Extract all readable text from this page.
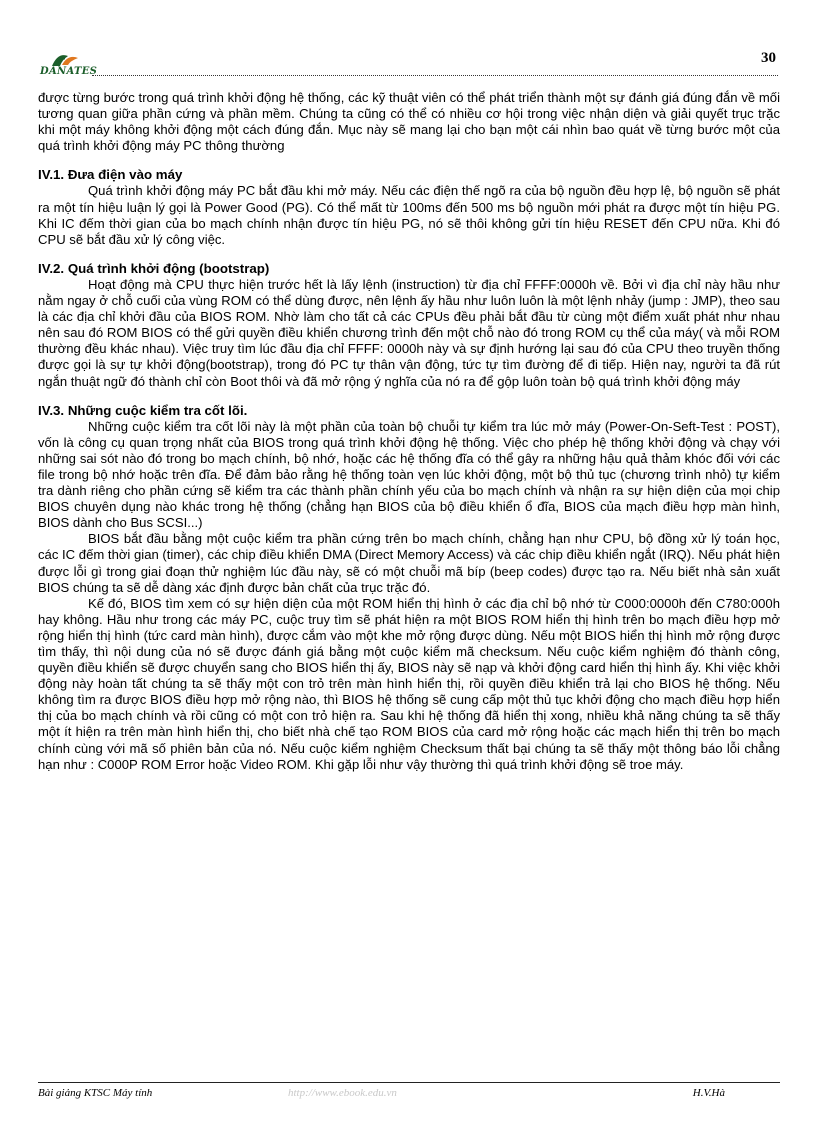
DANATES
30

được từng bước trong quá trình khởi động hệ thống, các kỹ thuật viên có thể phát triển thành một sự đánh giá đúng đắn về mối tương quan giữa phần cứng và phần mềm. Chúng ta cũng có thể có nhiều cơ hội trong việc nhận diện và giải quyết trục trặc khi một máy không khởi động một cách đúng đắn. Mục này sẽ mang lại cho bạn một cái nhìn bao quát về từng bước một của quá trình khởi động máy PC thông thường

IV.1. Đưa điện vào máy

Quá trình khởi động máy PC bắt đầu khi mở máy. Nếu các điện thế ngõ ra của bộ nguồn đều hợp lệ, bộ nguồn sẽ phát ra một tín hiệu luận lý gọi là Power Good (PG). Có thể mất từ 100ms đến 500 ms bộ nguồn mới phát ra được một tín hiệu PG. Khi IC đếm thời gian của bo mạch chính nhận được tín hiệu PG, nó sẽ thôi không gửi tín hiệu RESET đến CPU nữa. Khi đó CPU sẽ bắt đầu xử lý công việc.

IV.2. Quá trình khởi động (bootstrap)

Hoạt động mà CPU thực hiện trước hết là lấy lệnh (instruction) từ địa chỉ FFFF:0000h về. Bởi vì địa chỉ này hầu như nằm ngay ở chỗ cuối của vùng ROM có thể dùng được, nên lệnh ấy hầu như luôn luôn là một lệnh nhảy (jump : JMP), theo sau là các địa chỉ khởi đầu của BIOS ROM. Nhờ làm cho tất cả các CPUs đều phải bắt đầu từ cùng một điểm xuất phát như nhau nên sau đó ROM BIOS có thể gửi quyền điều khiển chương trình đến một chỗ nào đó trong ROM cụ thể của máy( và mỗi ROM thường đều khác nhau). Việc truy tìm lúc đầu địa chỉ FFFF: 0000h này và sự định hướng lại sau đó của CPU theo truyền thống được gọi là sự tự khởi động(bootstrap), trong đó PC tự thân vận động, tức tự tìm đường để đi tiếp. Hiện nay, người ta đã rút ngắn thuật ngữ đó thành chỉ còn Boot thôi và đã mở rộng ý nghĩa của nó ra để gộp luôn toàn bộ quá trình khởi động máy

IV.3. Những cuộc kiểm tra cốt lõi.

Những cuộc kiểm tra cốt lõi này là một phần của toàn bộ chuỗi tự kiểm tra lúc mở máy (Power-On-Seft-Test : POST), vốn là công cụ quan trọng nhất của BIOS trong quá trình khởi động hệ thống. Việc cho phép hệ thống khởi động và chạy với những sai sót nào đó trong bo mạch chính, bộ nhớ, hoặc các hệ thống đĩa có thể gây ra những hậu quả thảm khóc đối với các file trong bộ nhớ hoặc trên đĩa. Để đảm bảo rằng hệ thống toàn vẹn lúc khởi động, một bộ thủ tục (chương trình nhỏ) tự kiểm tra dành riêng cho phần cứng sẽ kiểm tra các thành phần chính yếu của bo mạch chính và nhận ra sự hiện diện của mọi chip BIOS chuyên dụng nào khác trong hệ thống (chẳng hạn BIOS của bộ điều khiển ổ đĩa, BIOS của mạch điều hợp màn hình, BIOS dành cho Bus SCSI...)

BIOS bắt đầu bằng một cuộc kiểm tra phần cứng trên bo mạch chính, chẳng hạn như CPU, bộ đồng xử lý toán học, các IC đếm thời gian (timer), các chip điều khiển DMA (Direct Memory Access) và các chip điều khiển ngắt (IRQ). Nếu phát hiện được lỗi gì trong giai đoạn thử nghiệm lúc đầu này, sẽ có một chuỗi mã bíp (beep codes) được tạo ra. Nếu biết nhà sản xuất BIOS chúng ta sẽ dễ dàng xác định được bản chất của trục trặc đó.

Kế đó, BIOS tìm xem có sự hiện diện của một ROM hiển thị hình ở các địa chỉ bộ nhớ từ C000:0000h đến C780:000h hay không. Hầu như trong các máy PC, cuộc truy tìm sẽ phát hiện ra một BIOS ROM hiển thị hình trên bo mạch điều hợp mở rộng hiển thị hình (tức card màn hình), được cắm vào một khe mở rộng được dùng. Nếu một BIOS hiển thị hình mở rộng được tìm thấy, thì nội dung của nó sẽ được đánh giá bằng một cuộc kiểm mã checksum. Nếu cuộc kiểm nghiệm đó thành công, quyền điều khiển sẽ được chuyển sang cho BIOS hiển thị ấy, BIOS này sẽ nạp và khởi động card hiển thị hình ấy. Khi việc khởi động này hoàn tất chúng ta sẽ thấy một con trỏ trên màn hình hiển thị, rồi quyền điều khiển trả lại cho BIOS hệ thống. Nếu không tìm ra được BIOS điều hợp mở rộng nào, thì BIOS hệ thống sẽ cung cấp một thủ tục khởi động cho mạch điều hợp hiển thị của bo mạch chính và rồi cũng có một con trỏ hiện ra. Sau khi hệ thống đã hiển thị xong, nhiều khả năng chúng ta sẽ thấy một ít hiện ra trên màn hình hiển thị, cho biết nhà chế tạo ROM BIOS của card mở rộng hoặc các mạch hiển thị trên bo mạch chính cùng với mã số phiên bản của nó. Nếu cuộc kiểm nghiệm Checksum thất bại chúng ta sẽ thấy một thông báo lỗi chẳng hạn như : C000P ROM Error hoặc Video ROM. Khi gặp lỗi như vậy thường thì quá trình khởi động sẽ troe máy.

Bài giảng KTSC Máy tính	http://www.ebook.edu.vn	H.V.Hà
